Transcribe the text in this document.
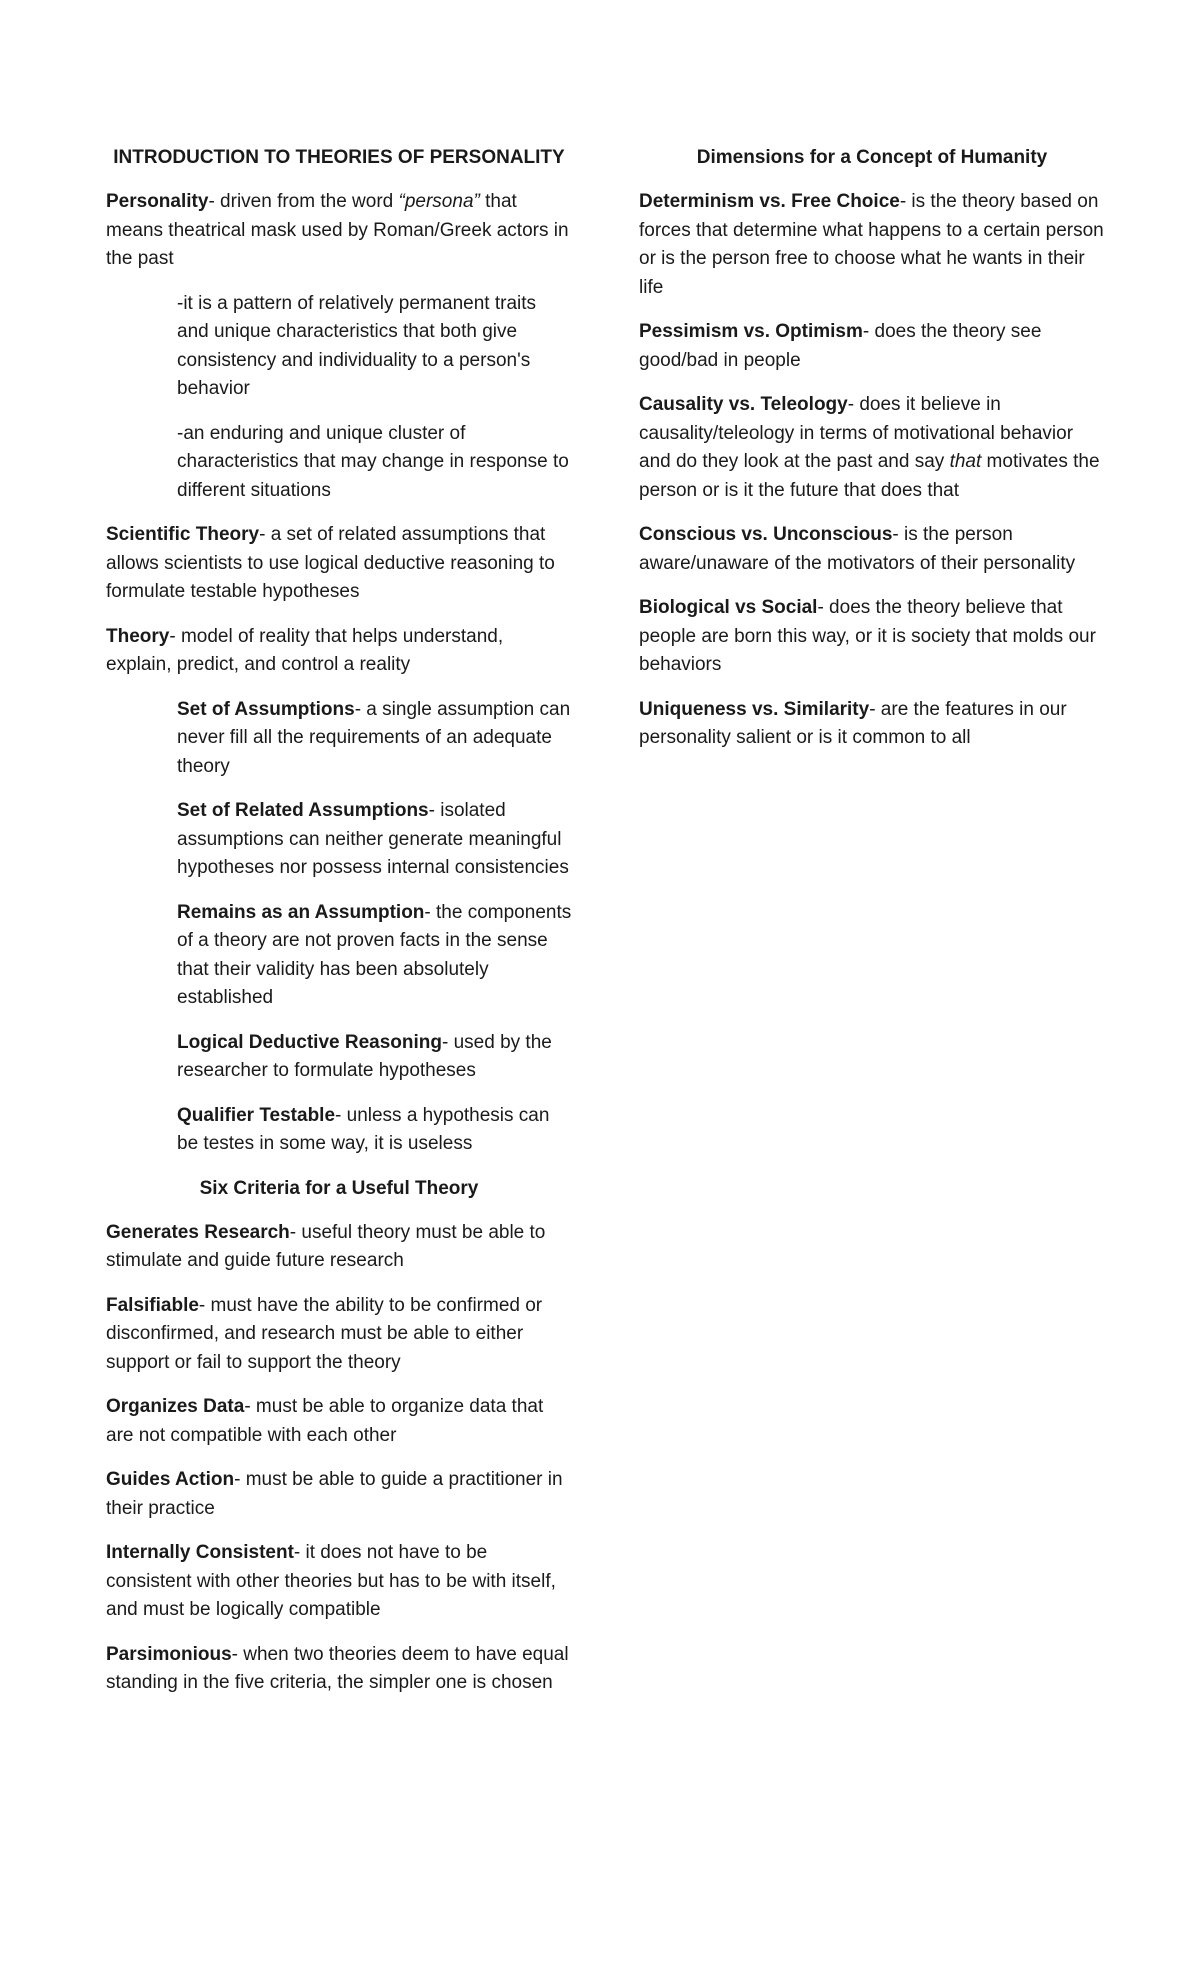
INTRODUCTION TO THEORIES OF PERSONALITY

Personality- driven from the word “persona” that means theatrical mask used by Roman/Greek actors in the past

-it is a pattern of relatively permanent traits and unique characteristics that both give consistency and individuality to a person's behavior

-an enduring and unique cluster of characteristics that may change in response to different situations

Scientific Theory- a set of related assumptions that allows scientists to use logical deductive reasoning to formulate testable hypotheses

Theory- model of reality that helps understand, explain, predict, and control a reality

Set of Assumptions- a single assumption can never fill all the requirements of an adequate theory

Set of Related Assumptions- isolated assumptions can neither generate meaningful hypotheses nor possess internal consistencies

Remains as an Assumption- the components of a theory are not proven facts in the sense that their validity has been absolutely established

Logical Deductive Reasoning- used by the researcher to formulate hypotheses

Qualifier Testable- unless a hypothesis can be testes in some way, it is useless

Six Criteria for a Useful Theory

Generates Research- useful theory must be able to stimulate and guide future research

Falsifiable- must have the ability to be confirmed or disconfirmed, and research must be able to either support or fail to support the theory

Organizes Data- must be able to organize data that are not compatible with each other

Guides Action- must be able to guide a practitioner in their practice

Internally Consistent- it does not have to be consistent with other theories but has to be with itself, and must be logically compatible

Parsimonious- when two theories deem to have equal standing in the five criteria, the simpler one is chosen

Dimensions for a Concept of Humanity

Determinism vs. Free Choice- is the theory based on forces that determine what happens to a certain person or is the person free to choose what he wants in their life

Pessimism vs. Optimism- does the theory see good/bad in people

Causality vs. Teleology- does it believe in causality/teleology in terms of motivational behavior and do they look at the past and say that motivates the person or is it the future that does that

Conscious vs. Unconscious- is the person aware/unaware of the motivators of their personality

Biological vs Social- does the theory believe that people are born this way, or it is society that molds our behaviors

Uniqueness vs. Similarity- are the features in our personality salient or is it common to all
